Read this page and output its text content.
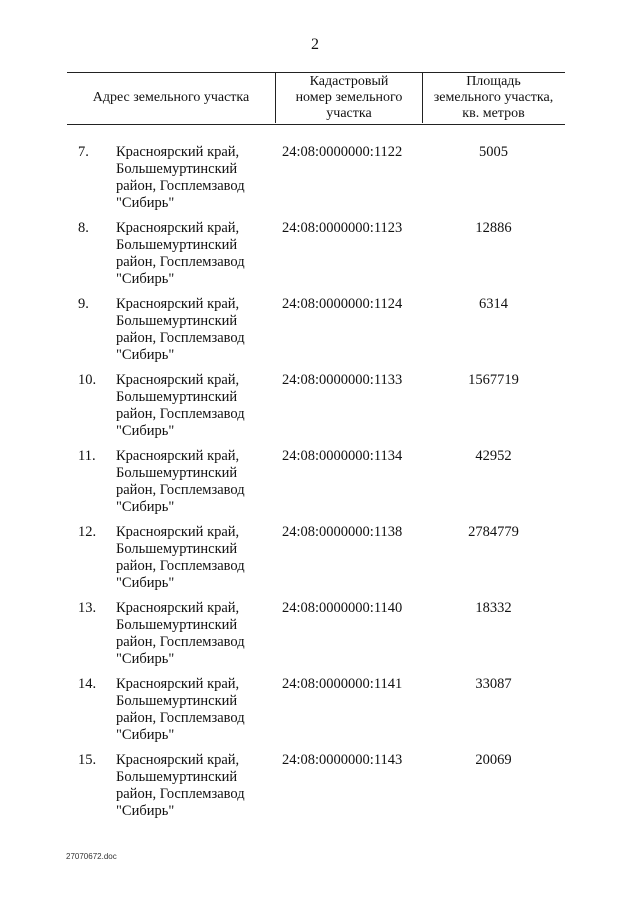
2
Адрес земельного участка
Кадастровый
номер земельного
участка
Площадь
земельного участка,
кв. метров
7.	Красноярский край,
Большемуртинский
район, Госплемзавод
"Сибирь"
24:08:0000000:1122	5005
8.	Красноярский край,
Большемуртинский
район, Госплемзавод
"Сибирь"
24:08:0000000:1123	12886
9.	Красноярский край,
Большемуртинский
район, Госплемзавод
"Сибирь"
24:08:0000000:1124	6314
10.	Красноярский край,
Большемуртинский
район, Госплемзавод
"Сибирь"
24:08:0000000:1133	1567719
11.	Красноярский край,
Большемуртинский
район, Госплемзавод
"Сибирь"
24:08:0000000:1134	42952
12.	Красноярский край,
Большемуртинский
район, Госплемзавод
"Сибирь"
24:08:0000000:1138	2784779
13.	Красноярский край,
Большемуртинский
район, Госплемзавод
"Сибирь"
24:08:0000000:1140	18332
14.	Красноярский край,
Большемуртинский
район, Госплемзавод
"Сибирь"
24:08:0000000:1141	33087
15.	Красноярский край,
Большемуртинский
район, Госплемзавод
"Сибирь"
24:08:0000000:1143	20069
27070672.doc
